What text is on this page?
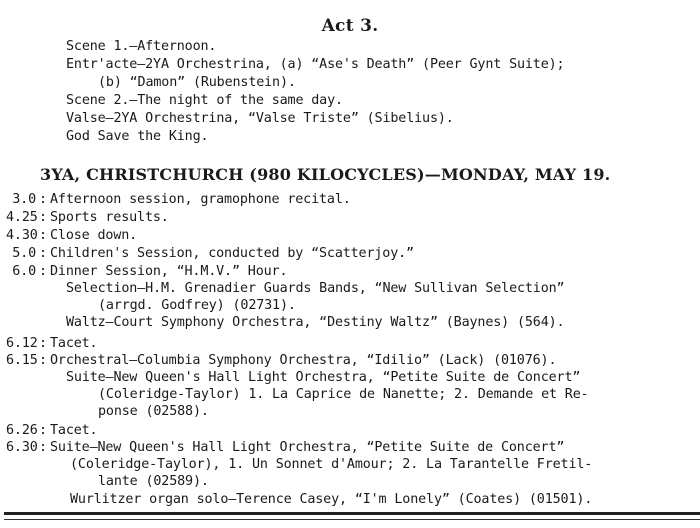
Act 3.
Scene 1.—Afternoon.
Entr'acte—2YA Orchestrina, (a) “Ase's Death” (Peer Gynt Suite);
(b) “Damon” (Rubenstein).
Scene 2.—The night of the same day.
Valse—2YA Orchestrina, “Valse Triste” (Sibelius).
God Save the King.
3YA, CHRISTCHURCH (980 KILOCYCLES)—MONDAY, MAY 19.
3.0 : Afternoon session, gramophone recital.
4.25: Sports results.
4.30: Close down.
5.0 : Children's Session, conducted by “Scatterjoy.”
6.0 : Dinner Session, “H.M.V.” Hour.
Selection—H.M. Grenadier Guards Bands, “New Sullivan Selection”
(arrgd. Godfrey) (02731).
Waltz—Court Symphony Orchestra, “Destiny Waltz” (Baynes) (564).
6.12: Tacet.
6.15: Orchestral—Columbia Symphony Orchestra, “Idilio” (Lack) (01076).
Suite—New Queen's Hall Light Orchestra, “Petite Suite de Concert”
(Coleridge-Taylor) 1. La Caprice de Nanette; 2. Demande et Re-
ponse (02588).
6.26: Tacet.
6.30: Suite—New Queen's Hall Light Orchestra, “Petite Suite de Concert”
(Coleridge-Taylor), 1. Un Sonnet d'Amour; 2. La Tarantelle Fretil-
lante (02589).
Wurlitzer organ solo—Terence Casey, “I'm Lonely” (Coates) (01501).
